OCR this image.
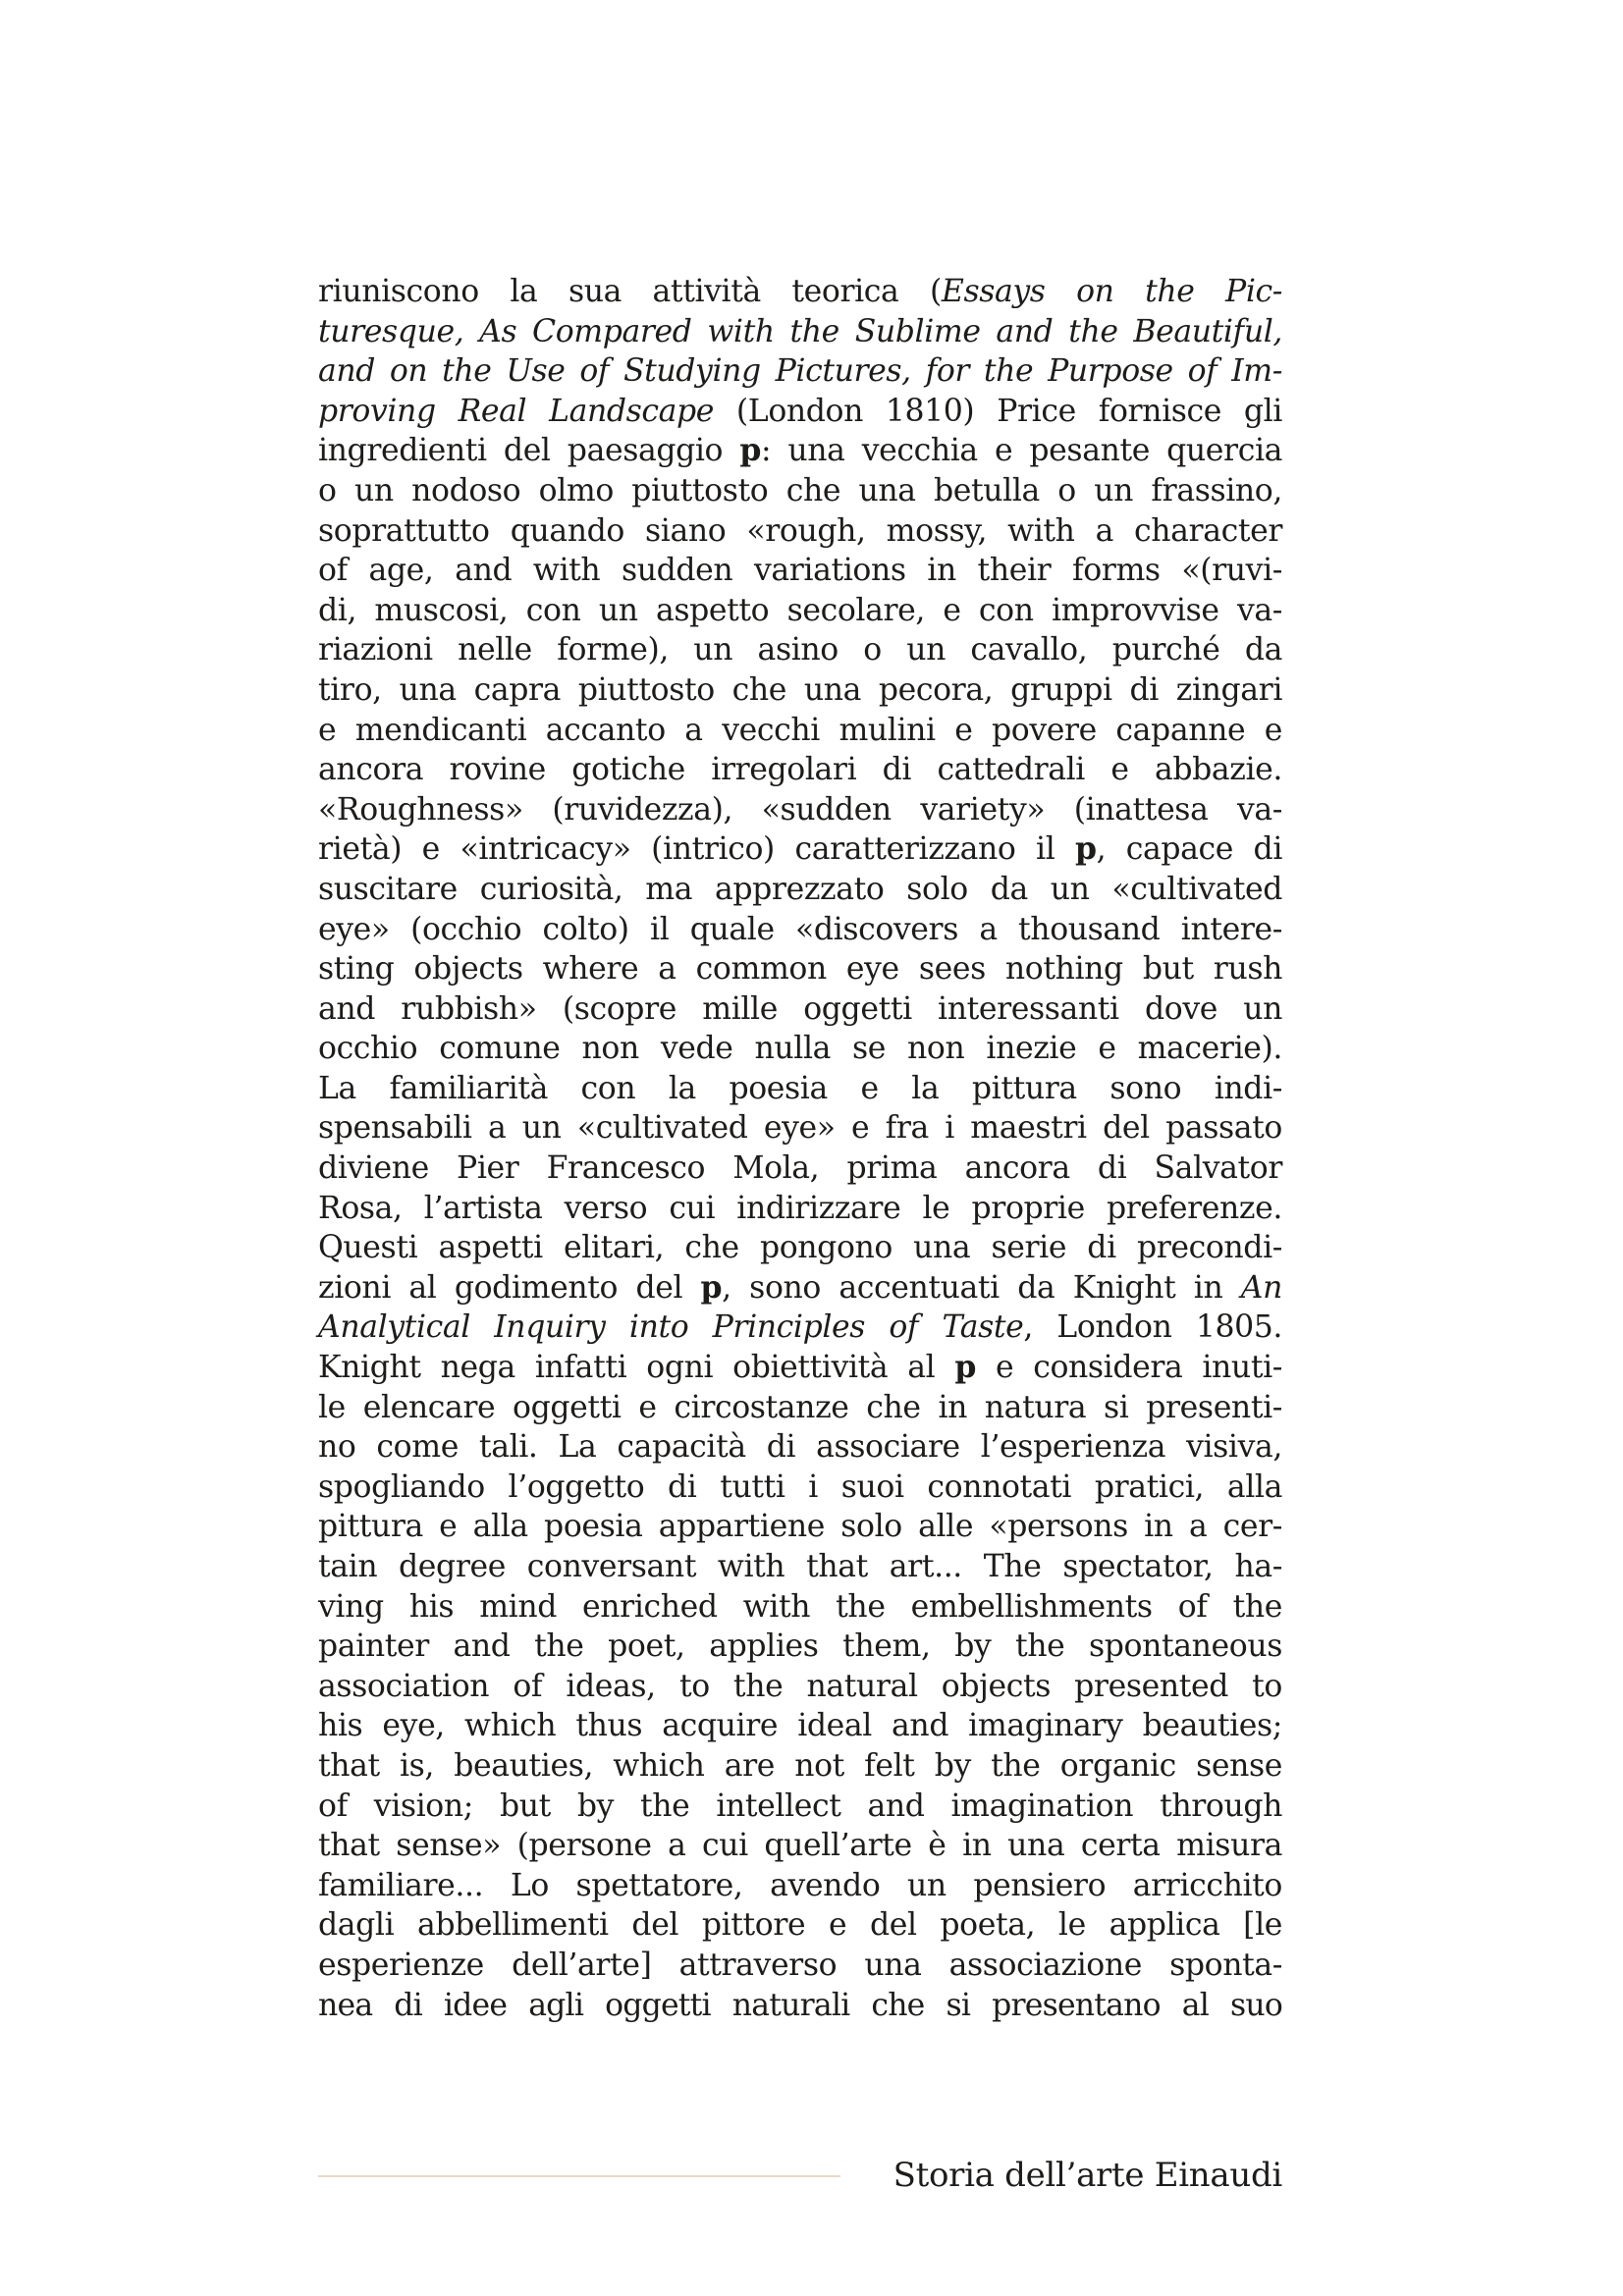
riuniscono la sua attività teorica (Essays on the Pic-
turesque, As Compared with the Sublime and the Beautiful,
and on the Use of Studying Pictures, for the Purpose of Im-
proving Real Landscape (London 1810) Price fornisce gli
ingredienti del paesaggio p: una vecchia e pesante quercia
o un nodoso olmo piuttosto che una betulla o un frassino,
soprattutto quando siano «rough, mossy, with a character
of age, and with sudden variations in their forms «(ruvi-
di, muscosi, con un aspetto secolare, e con improvvise va-
riazioni nelle forme), un asino o un cavallo, purché da
tiro, una capra piuttosto che una pecora, gruppi di zingari
e mendicanti accanto a vecchi mulini e povere capanne e
ancora rovine gotiche irregolari di cattedrali e abbazie.
«Roughness» (ruvidezza), «sudden variety» (inattesa va-
rietà) e «intricacy» (intrico) caratterizzano il p, capace di
suscitare curiosità, ma apprezzato solo da un «cultivated
eye» (occhio colto) il quale «discovers a thousand intere-
sting objects where a common eye sees nothing but rush
and rubbish» (scopre mille oggetti interessanti dove un
occhio comune non vede nulla se non inezie e macerie).
La familiarità con la poesia e la pittura sono indi-
spensabili a un «cultivated eye» e fra i maestri del passato
diviene Pier Francesco Mola, prima ancora di Salvator
Rosa, l’artista verso cui indirizzare le proprie preferenze.
Questi aspetti elitari, che pongono una serie di precondi-
zioni al godimento del p, sono accentuati da Knight in An
Analytical Inquiry into Principles of Taste, London 1805.
Knight nega infatti ogni obiettività al p e considera inuti-
le elencare oggetti e circostanze che in natura si presenti-
no come tali. La capacità di associare l’esperienza visiva,
spogliando l’oggetto di tutti i suoi connotati pratici, alla
pittura e alla poesia appartiene solo alle «persons in a cer-
tain degree conversant with that art... The spectator, ha-
ving his mind enriched with the embellishments of the
painter and the poet, applies them, by the spontaneous
association of ideas, to the natural objects presented to
his eye, which thus acquire ideal and imaginary beauties;
that is, beauties, which are not felt by the organic sense
of vision; but by the intellect and imagination through
that sense» (persone a cui quell’arte è in una certa misura
familiare... Lo spettatore, avendo un pensiero arricchito
dagli abbellimenti del pittore e del poeta, le applica [le
esperienze dell’arte] attraverso una associazione sponta-
nea di idee agli oggetti naturali che si presentano al suo
Storia dell’arte Einaudi
